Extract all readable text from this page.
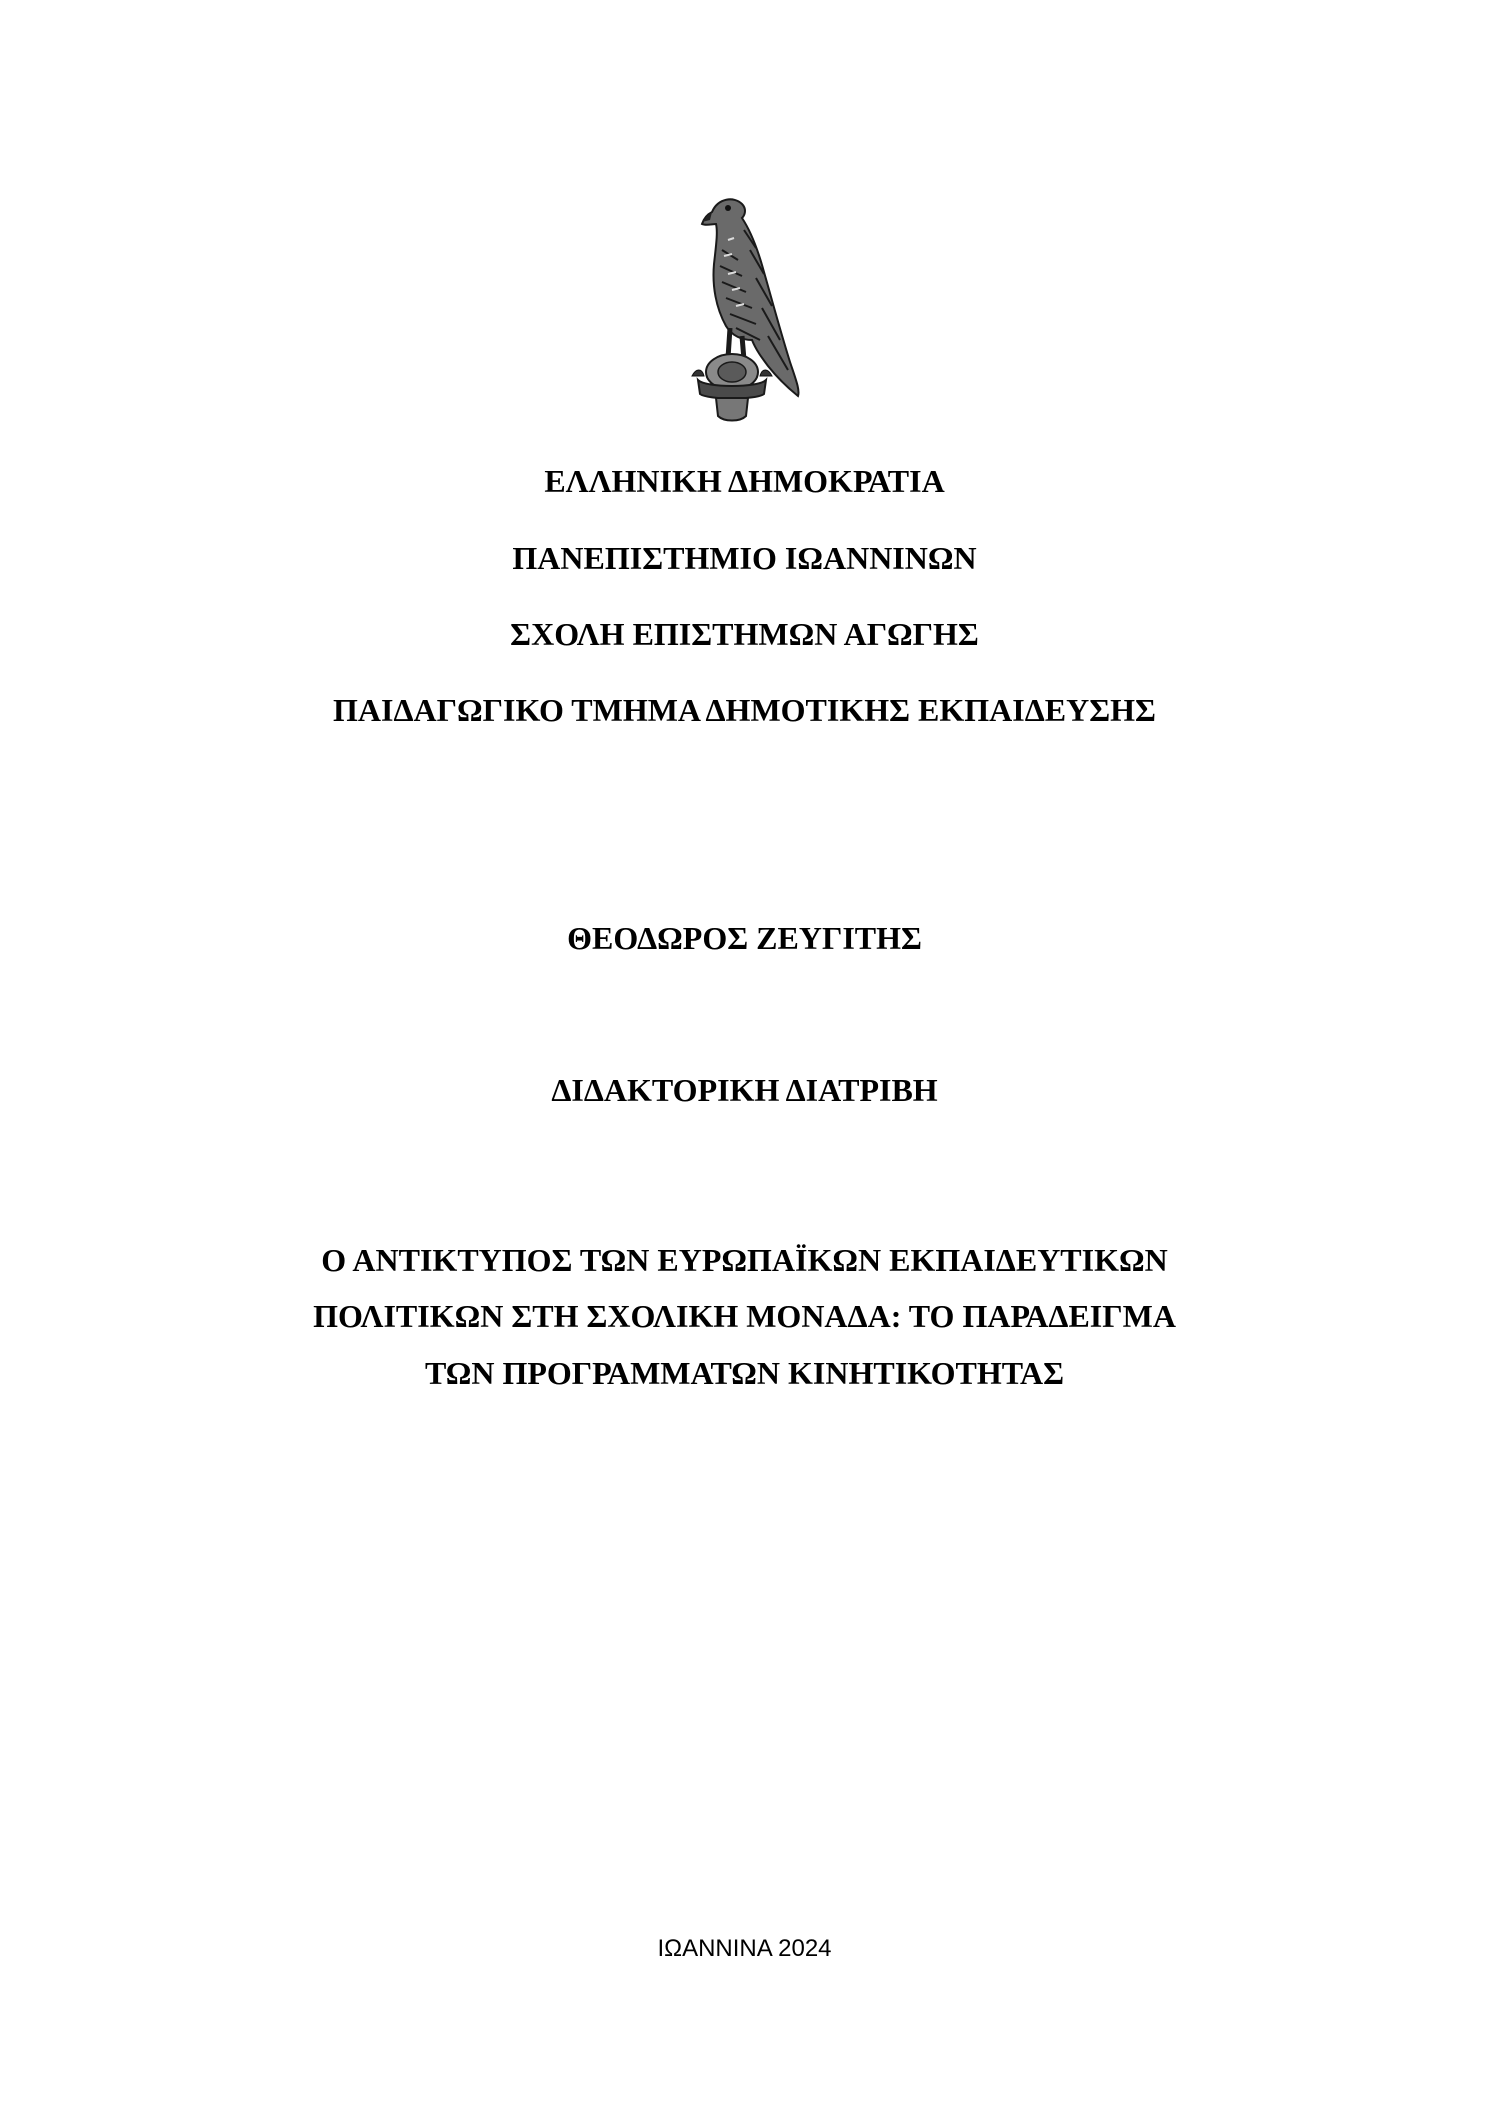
ΕΛΛΗΝΙΚΗ ΔΗΜΟΚΡΑΤΙΑ
ΠΑΝΕΠΙΣΤΗΜΙΟ ΙΩΑΝΝΙΝΩΝ
ΣΧΟΛΗ ΕΠΙΣΤΗΜΩΝ ΑΓΩΓΗΣ
ΠΑΙΔΑΓΩΓΙΚΟ ΤΜΗΜΑ ΔΗΜΟΤΙΚΗΣ ΕΚΠΑΙΔΕΥΣΗΣ
ΘΕΟΔΩΡΟΣ ΖΕΥΓΙΤΗΣ
ΔΙΔΑΚΤΟΡΙΚΗ ΔΙΑΤΡΙΒΗ
Ο ΑΝΤΙΚΤΥΠΟΣ ΤΩΝ ΕΥΡΩΠΑΪΚΩΝ ΕΚΠΑΙΔΕΥΤΙΚΩΝ
ΠΟΛΙΤΙΚΩΝ ΣΤΗ ΣΧΟΛΙΚΗ ΜΟΝΑΔΑ: ΤΟ ΠΑΡΑΔΕΙΓΜΑ
ΤΩΝ ΠΡΟΓΡΑΜΜΑΤΩΝ ΚΙΝΗΤΙΚΟΤΗΤΑΣ
ΙΩΑΝΝΙΝΑ 2024
